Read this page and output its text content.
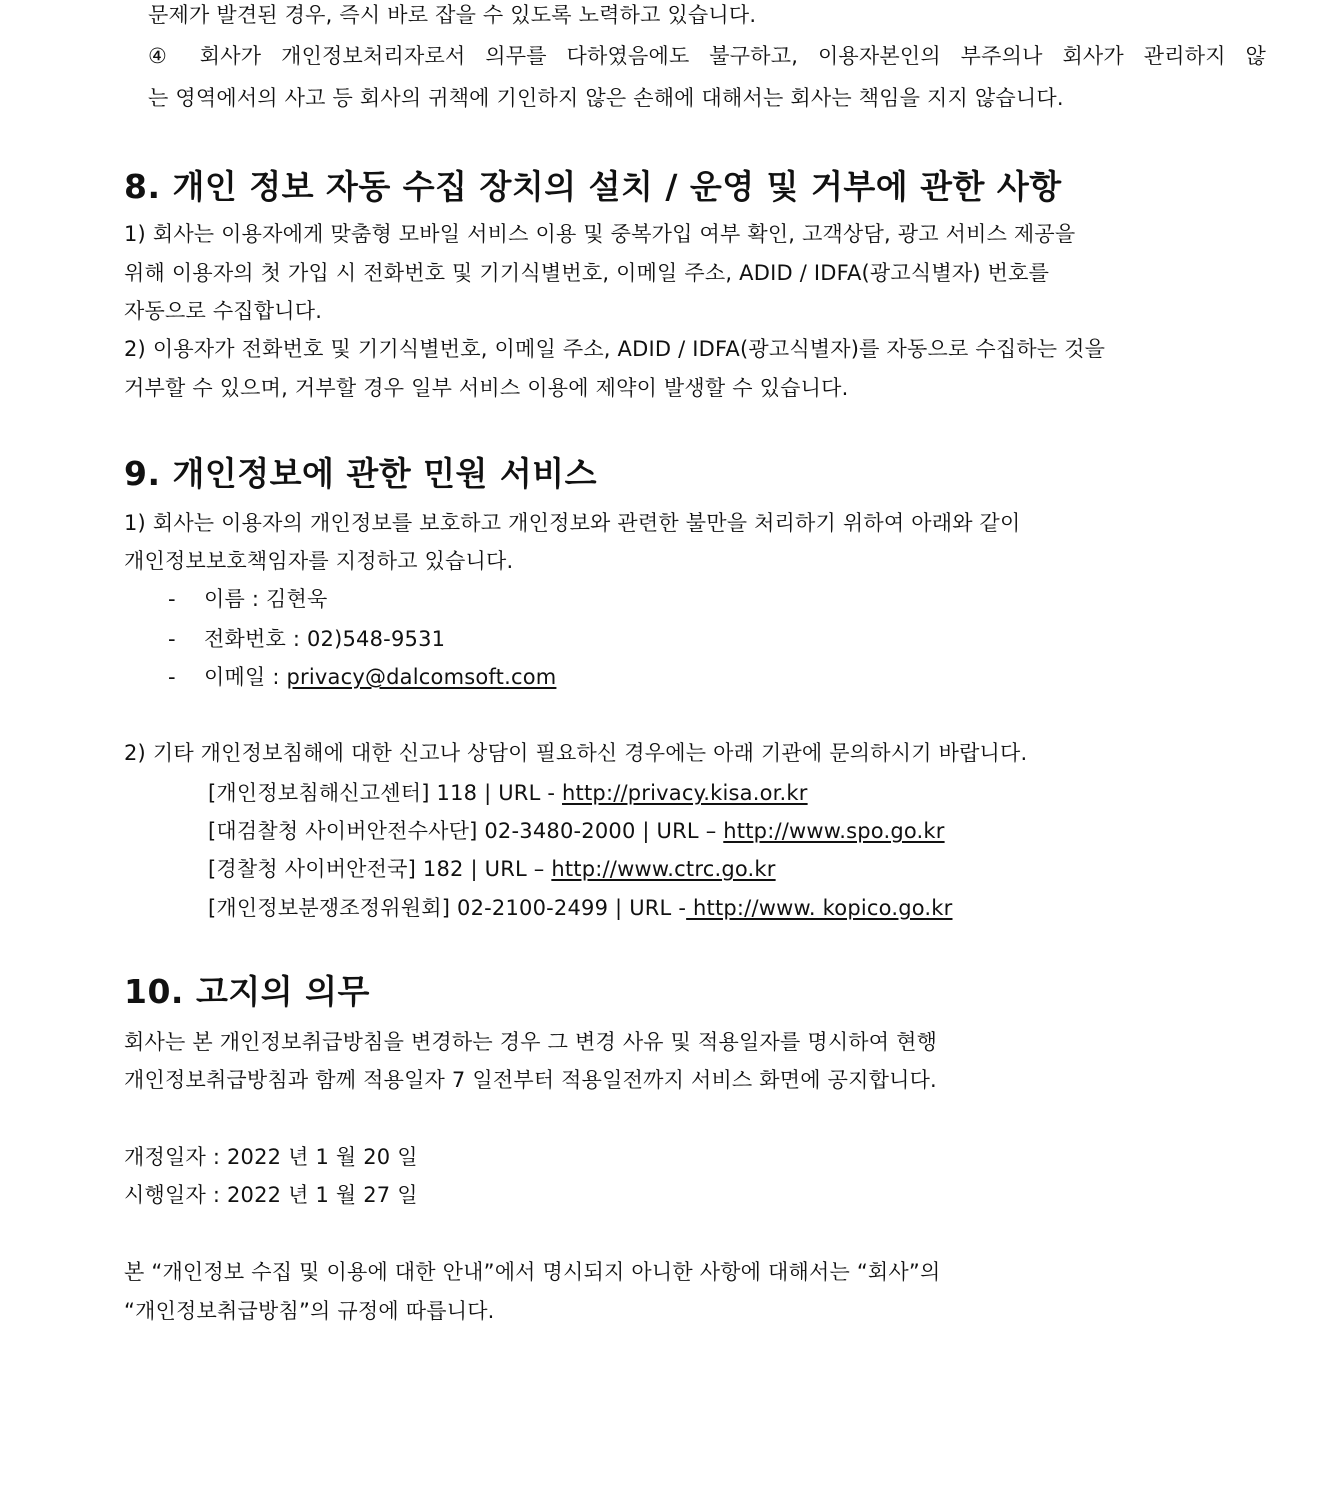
문제가 발견된 경우, 즉시 바로 잡을 수 있도록 노력하고 있습니다.
④ 회사가 개인정보처리자로서 의무를 다하였음에도 불구하고, 이용자본인의 부주의나 회사가 관리하지 않
는 영역에서의 사고 등 회사의 귀책에 기인하지 않은 손해에 대해서는 회사는 책임을 지지 않습니다.
8. 개인 정보 자동 수집 장치의 설치 / 운영 및 거부에 관한 사항
1) 회사는 이용자에게 맞춤형 모바일 서비스 이용 및 중복가입 여부 확인, 고객상담, 광고 서비스 제공을
위해 이용자의 첫 가입 시 전화번호 및 기기식별번호, 이메일 주소, ADID / IDFA(광고식별자) 번호를
자동으로 수집합니다.
2) 이용자가 전화번호 및 기기식별번호, 이메일 주소, ADID / IDFA(광고식별자)를 자동으로 수집하는 것을
거부할 수 있으며, 거부할 경우 일부 서비스 이용에 제약이 발생할 수 있습니다.
9. 개인정보에 관한 민원 서비스
1) 회사는 이용자의 개인정보를 보호하고 개인정보와 관련한 불만을 처리하기 위하여 아래와 같이
개인정보보호책임자를 지정하고 있습니다.
- 이름 : 김현욱
- 전화번호 : 02)548-9531
- 이메일 : privacy@dalcomsoft.com
2) 기타 개인정보침해에 대한 신고나 상담이 필요하신 경우에는 아래 기관에 문의하시기 바랍니다.
[개인정보침해신고센터] 118 | URL - http://privacy.kisa.or.kr
[대검찰청 사이버안전수사단] 02-3480-2000 | URL – http://www.spo.go.kr
[경찰청 사이버안전국] 182 | URL – http://www.ctrc.go.kr
[개인정보분쟁조정위원회] 02-2100-2499 | URL - http://www. kopico.go.kr
10. 고지의 의무
회사는 본 개인정보취급방침을 변경하는 경우 그 변경 사유 및 적용일자를 명시하여 현행
개인정보취급방침과 함께 적용일자 7 일전부터 적용일전까지 서비스 화면에 공지합니다.
개정일자 : 2022 년 1 월 20 일
시행일자 : 2022 년 1 월 27 일
본 “개인정보 수집 및 이용에 대한 안내”에서 명시되지 아니한 사항에 대해서는 “회사”의
“개인정보취급방침”의 규정에 따릅니다.
